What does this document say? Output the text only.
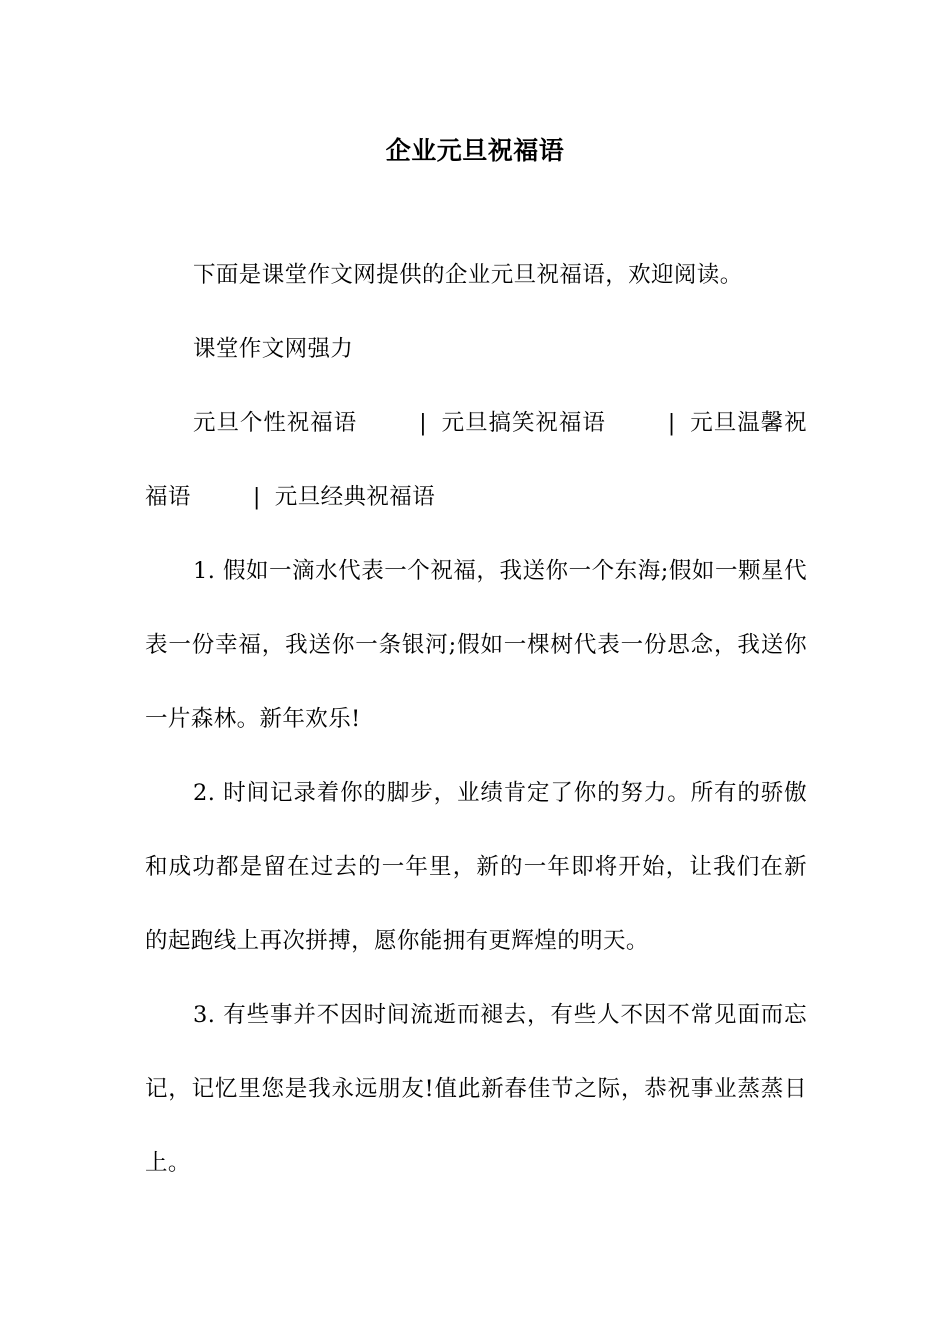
企业元旦祝福语

下面是课堂作文网提供的企业元旦祝福语，欢迎阅读。

课堂作文网强力

元旦个性祝福语	| 元旦搞笑祝福语	| 元旦温馨祝福语	| 元旦经典祝福语

1. 假如一滴水代表一个祝福，我送你一个东海;假如一颗星代表一份幸福，我送你一条银河;假如一棵树代表一份思念，我送你一片森林。新年欢乐!

2. 时间记录着你的脚步，业绩肯定了你的努力。所有的骄傲和成功都是留在过去的一年里，新的一年即将开始，让我们在新的起跑线上再次拼搏，愿你能拥有更辉煌的明天。

3. 有些事并不因时间流逝而褪去，有些人不因不常见面而忘记，记忆里您是我永远朋友!值此新春佳节之际，恭祝事业蒸蒸日上。
